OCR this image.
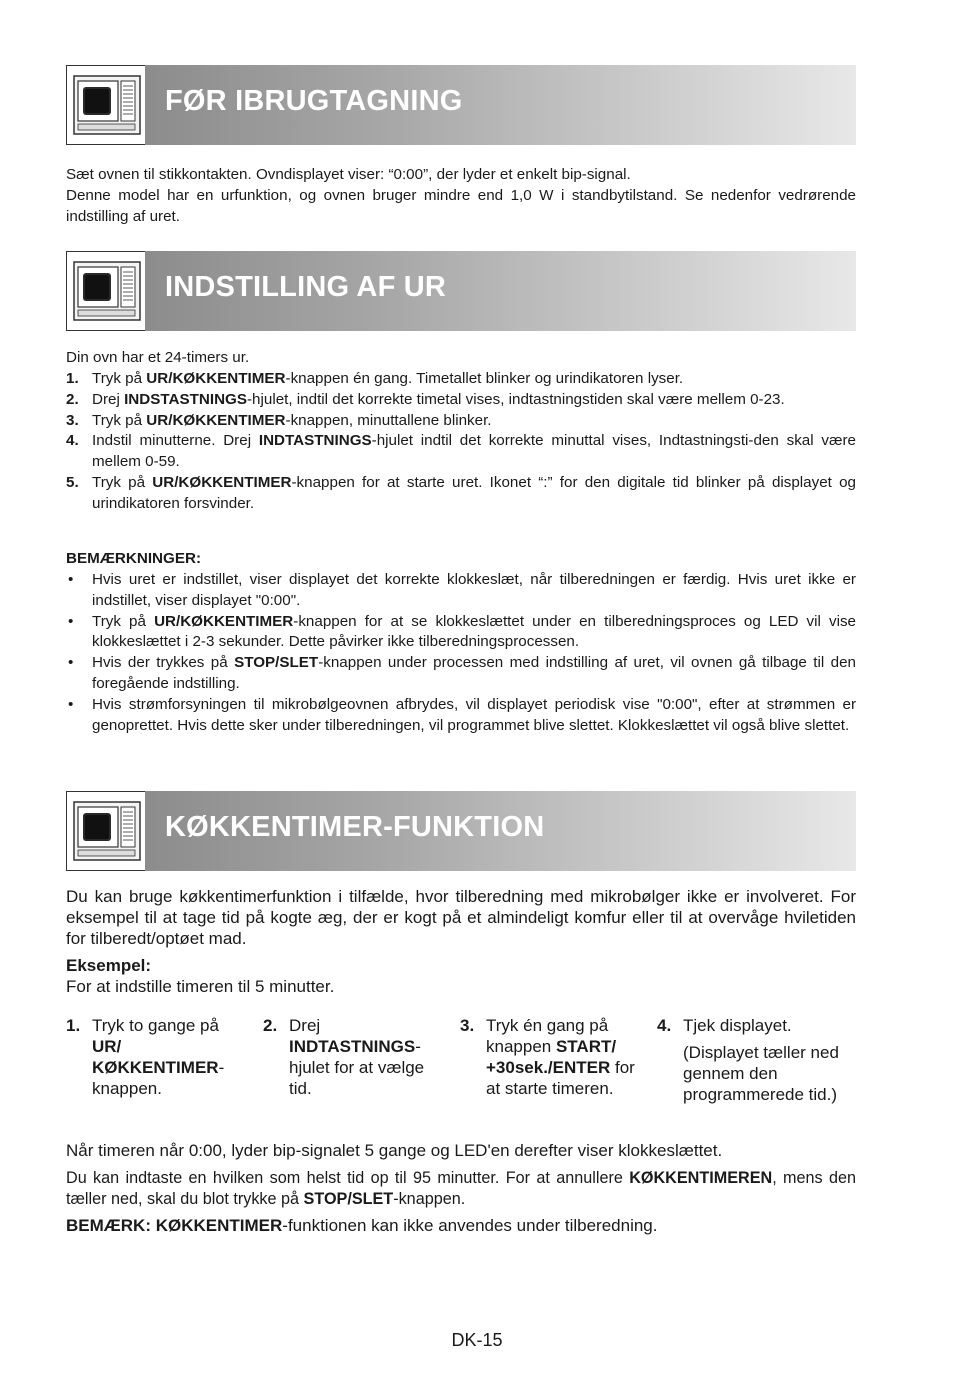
FØR IBRUGTAGNING
Sæt ovnen til stikkontakten. Ovndisplayet viser: “0:00”, der lyder et enkelt bip-signal.
Denne model har en urfunktion, og ovnen bruger mindre end 1,0 W i standbytilstand. Se nedenfor vedrørende indstilling af uret.
INDSTILLING AF UR
Din ovn har et 24-timers ur.
1. Tryk på UR/KØKKENTIMER-knappen én gang. Timetallet blinker og urindikatoren lyser.
2. Drej INDSTASTNINGS-hjulet, indtil det korrekte timetal vises, indtastningstiden skal være mellem 0-23.
3. Tryk på UR/KØKKENTIMER-knappen, minuttallene blinker.
4. Indstil minutterne. Drej INDTASTNINGS-hjulet indtil det korrekte minuttal vises, Indtastningsti-den skal være mellem 0-59.
5. Tryk på UR/KØKKENTIMER-knappen for at starte uret. Ikonet “:” for den digitale tid blinker på displayet og urindikatoren forsvinder.
BEMÆRKNINGER:
• Hvis uret er indstillet, viser displayet det korrekte klokkeslæt, når tilberedningen er færdig. Hvis uret ikke er indstillet, viser displayet "0:00".
• Tryk på UR/KØKKENTIMER-knappen for at se klokkeslættet under en tilberedningsproces og LED vil vise klokkeslættet i 2-3 sekunder. Dette påvirker ikke tilberedningsprocessen.
• Hvis der trykkes på STOP/SLET-knappen under processen med indstilling af uret, vil ovnen gå tilbage til den foregående indstilling.
• Hvis strømforsyningen til mikrobølgeovnen afbrydes, vil displayet periodisk vise "0:00", efter at strømmen er genoprettet. Hvis dette sker under tilberedningen, vil programmet blive slettet. Klokkeslættet vil også blive slettet.
KØKKENTIMER-FUNKTION
Du kan bruge køkkentimerfunktion i tilfælde, hvor tilberedning med mikrobølger ikke er involveret. For eksempel til at tage tid på kogte æg, der er kogt på et almindeligt komfur eller til at overvåge hviletiden for tilberedt/optøet mad.
Eksempel:
For at indstille timeren til 5 minutter.
1. Tryk to gange på UR/ KØKKENTIMER-knappen.
2. Drej INDTASTNINGS-hjulet for at vælge tid.
3. Tryk én gang på knappen START/ +30sek./ENTER for at starte timeren.
4. Tjek displayet.
(Displayet tæller ned gennem den programmerede tid.)
Når timeren når 0:00, lyder bip-signalet 5 gange og LED'en derefter viser klokkeslættet.
Du kan indtaste en hvilken som helst tid op til 95 minutter. For at annullere KØKKENTIMEREN, mens den tæller ned, skal du blot trykke på STOP/SLET-knappen.
BEMÆRK: KØKKENTIMER-funktionen kan ikke anvendes under tilberedning.
DK-15
